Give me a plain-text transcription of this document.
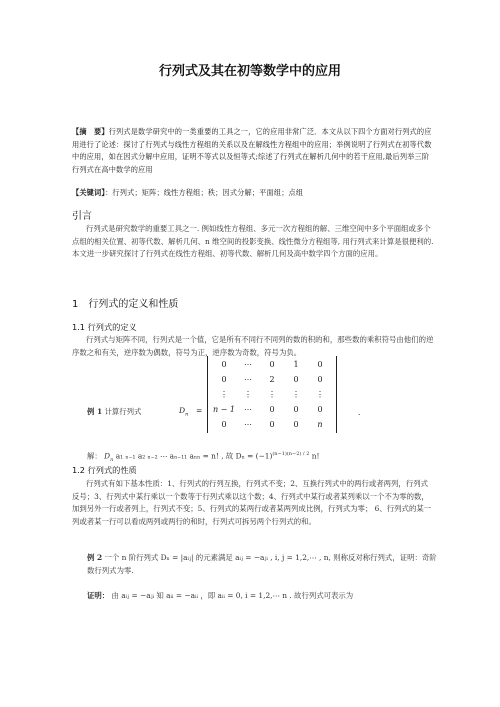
行列式及其在初等数学中的应用
【摘　要】行列式是数学研究中的一类重要的工具之一，它的应用非常广泛．本文从以下四个方面对行列式的应用进行了论述：探讨了行列式与线性方程组的关系以及在解线性方程组中的应用；举例说明了行列式在初等代数中的应用，如在因式分解中应用，证明不等式以及恒等式;综述了行列式在解析几何中的若干应用,最后列举三阶行列式在高中数学的应用
【关键词】：行列式；矩阵；线性方程组；秩；因式分解；平面组；点组
引言

行列式是研究数学的重要工具之一. 例如线性方程组、多元一次方程组的解、三维空间中多个平面组或多个点组的相关位置、初等代数、解析几何、n 维空间的投影变换、线性微分方程组等, 用行列式来计算是很便利的. 本文进一步研究探讨了行列式在线性方程组、初等代数、解析几何及高中数学四个方面的应用。

1　行列式的定义和性质
1.1 行列式的定义

行列式与矩阵不同，行列式是一个值，它是所有不同行不同列的数的积的和，那些数的乘积符号由他们的逆序数之和有关，逆序数为偶数，符号为正，逆序数为奇数，符号为负。

例 1 计算行列式	$D_n$ =
0	⋯	0	1	0
0	⋯	2	0	0
⋮	⋮	⋮	⋮	⋮
n − 1	⋯	0	0	0
0	⋯	0	0	n
.
解： $D_n$ a₁ ₙ₋₁ a₂ ₙ₋₂ ⋯ aₙ₋₁₁ aₙₙ = n! , 故 $D_n = (-1)^{(n-1)(n-2) / 2}$ n!
1.2 行列式的性质

行列式有如下基本性质：1、行列式的行列互换，行列式不变；2、互换行列式中的两行或者两列，行列式反号；3、行列式中某行乘以一个数等于行列式乘以这个数；4、行列式中某行或者某列乘以一个不为零的数，加到另外一行或者列上，行列式不变；5、行列式的某两行或者某两列成比例，行列式为零； 6、行列式的某一列或者某一行可以看成两列或两行的和时，行列式可拆另两个行列式的和。

例 2 一个 n 阶行列式 Dₙ = |aᵢⱼ| 的元素满足 aᵢⱼ = −aⱼᵢ , i, j = 1,2,⋯ , n, 则称反对称行列式，证明：奇阶数行列式为零.
证明： 由 aᵢⱼ = −aⱼᵢ 知 aᵢᵢ = −aᵢᵢ ，即 aᵢᵢ = 0, i = 1,2,⋯ n . 故行列式可表示为
